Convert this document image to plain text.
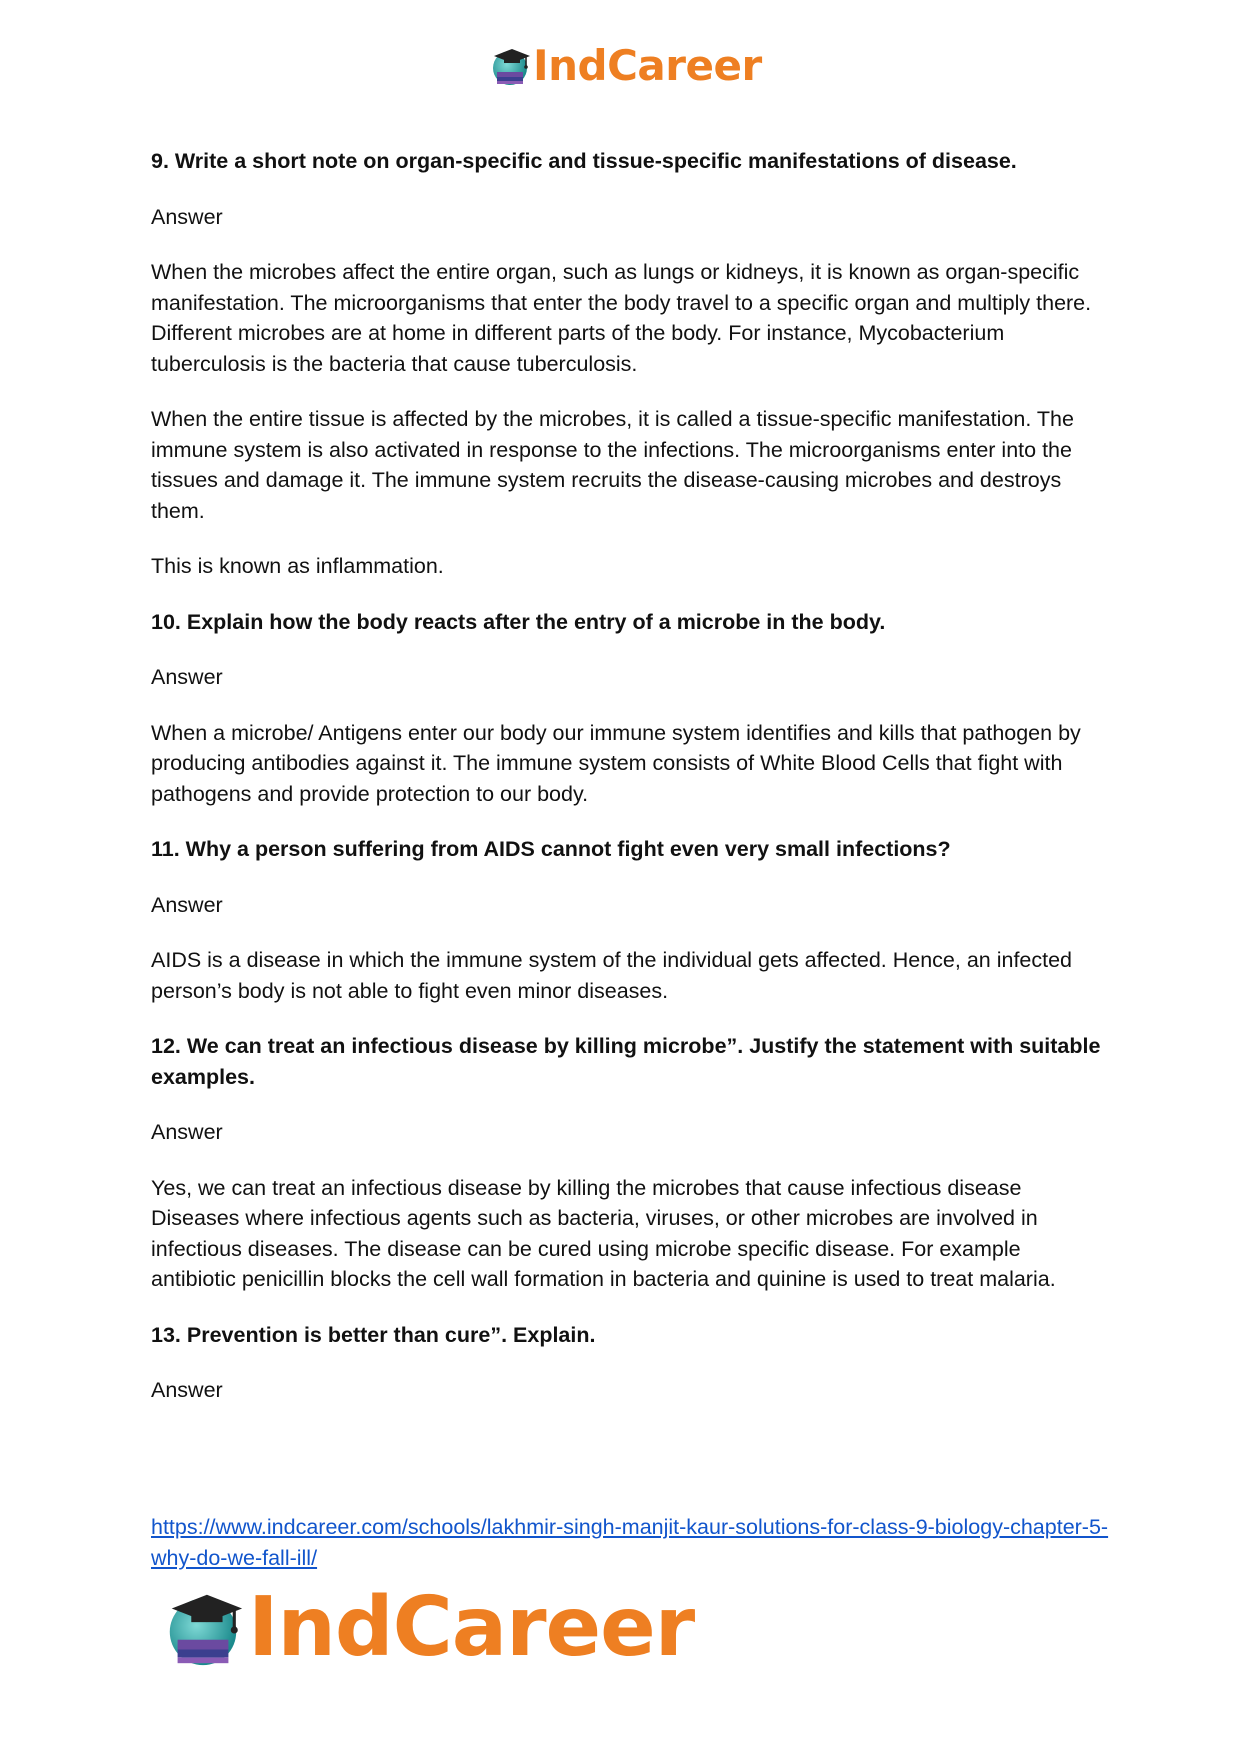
IndCareer
9. Write a short note on organ-specific and tissue-specific manifestations of disease.
Answer
When the microbes affect the entire organ, such as lungs or kidneys, it is known as organ-specific manifestation. The microorganisms that enter the body travel to a specific organ and multiply there. Different microbes are at home in different parts of the body. For instance, Mycobacterium tuberculosis is the bacteria that cause tuberculosis.
When the entire tissue is affected by the microbes, it is called a tissue-specific manifestation. The immune system is also activated in response to the infections. The microorganisms enter into the tissues and damage it. The immune system recruits the disease-causing microbes and destroys them.
This is known as inflammation.
10. Explain how the body reacts after the entry of a microbe in the body.
Answer
When a microbe/ Antigens enter our body our immune system identifies and kills that pathogen by producing antibodies against it. The immune system consists of White Blood Cells that fight with pathogens and provide protection to our body.
11. Why a person suffering from AIDS cannot fight even very small infections?
Answer
AIDS is a disease in which the immune system of the individual gets affected. Hence, an infected person’s body is not able to fight even minor diseases.
12. We can treat an infectious disease by killing microbe”. Justify the statement with suitable examples.
Answer
Yes, we can treat an infectious disease by killing the microbes that cause infectious disease Diseases where infectious agents such as bacteria, viruses, or other microbes are involved in infectious diseases. The disease can be cured using microbe specific disease. For example antibiotic penicillin blocks the cell wall formation in bacteria and quinine is used to treat malaria.
13. Prevention is better than cure”. Explain.
Answer
https://www.indcareer.com/schools/lakhmir-singh-manjit-kaur-solutions-for-class-9-biology-chapter-5-why-do-we-fall-ill/
IndCareer
